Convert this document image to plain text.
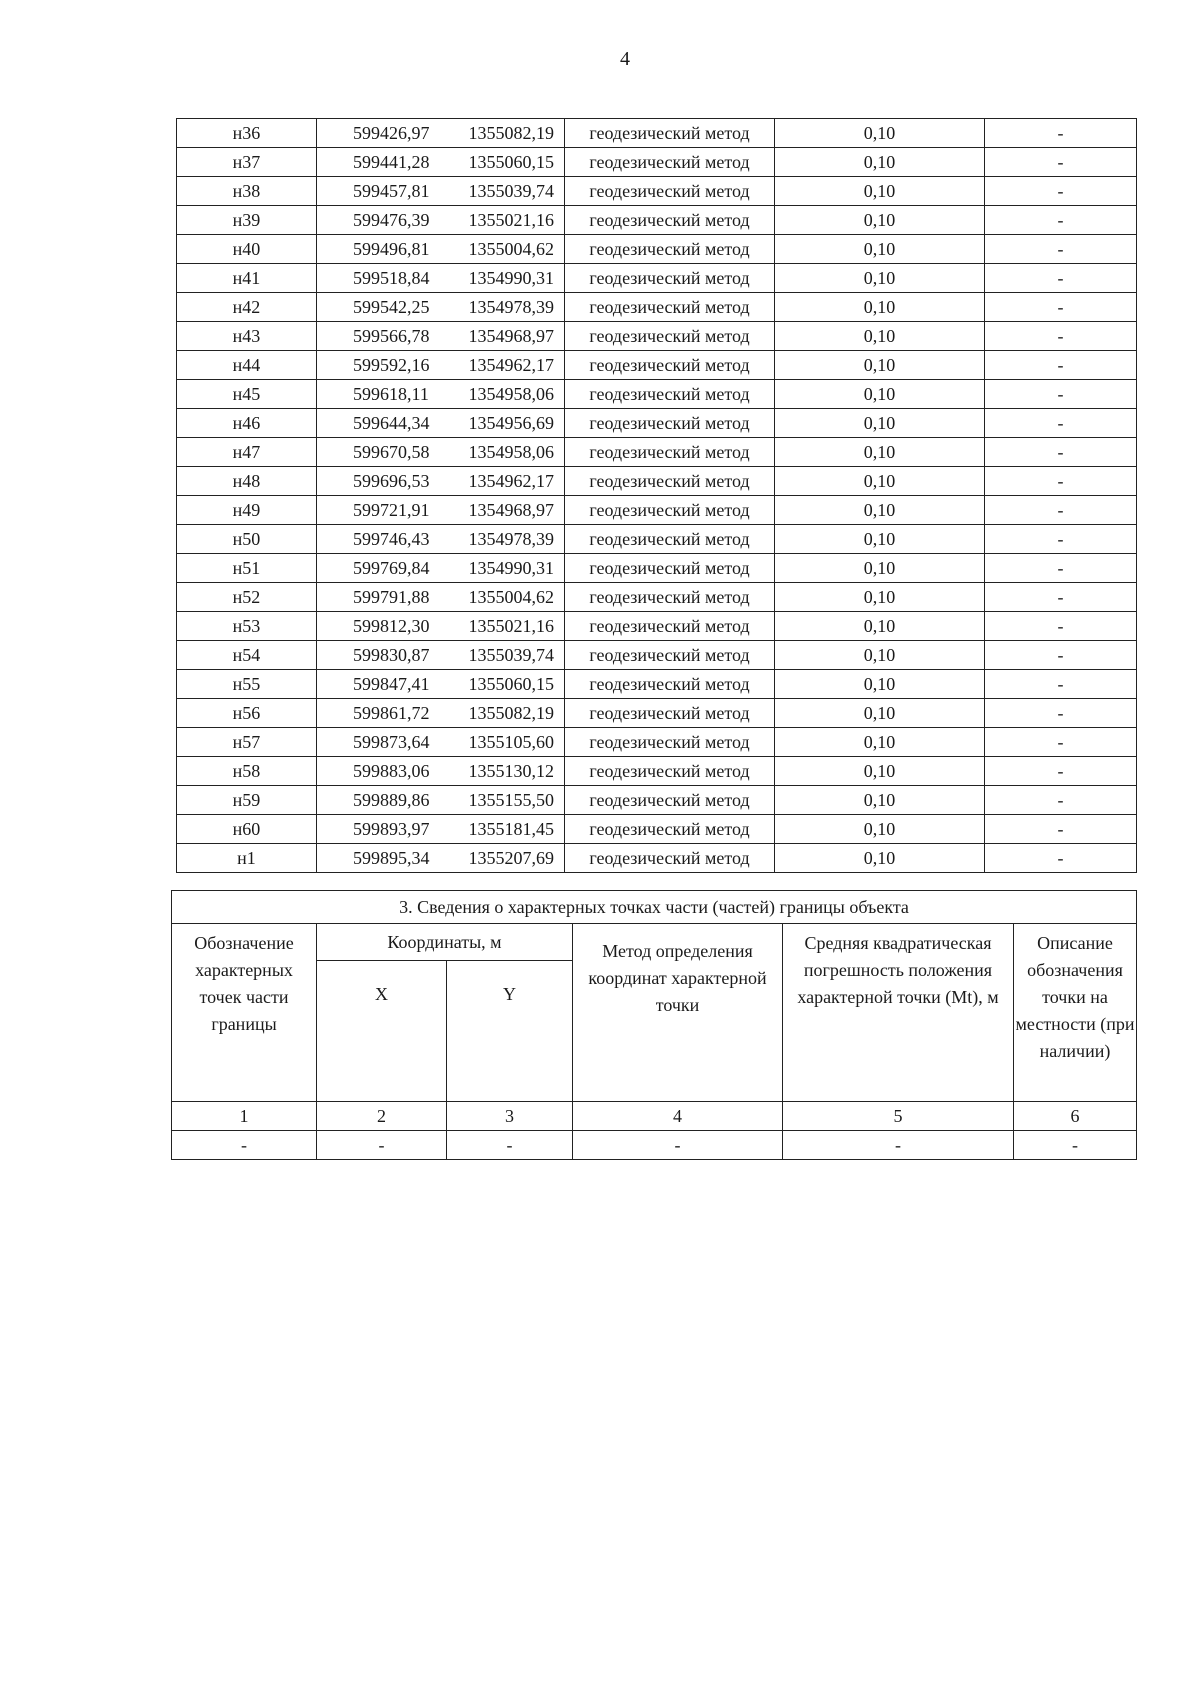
4
н36	599426,97	1355082,19	геодезический метод	0,10	-
н37	599441,28	1355060,15	геодезический метод	0,10	-
н38	599457,81	1355039,74	геодезический метод	0,10	-
н39	599476,39	1355021,16	геодезический метод	0,10	-
н40	599496,81	1355004,62	геодезический метод	0,10	-
н41	599518,84	1354990,31	геодезический метод	0,10	-
н42	599542,25	1354978,39	геодезический метод	0,10	-
н43	599566,78	1354968,97	геодезический метод	0,10	-
н44	599592,16	1354962,17	геодезический метод	0,10	-
н45	599618,11	1354958,06	геодезический метод	0,10	-
н46	599644,34	1354956,69	геодезический метод	0,10	-
н47	599670,58	1354958,06	геодезический метод	0,10	-
н48	599696,53	1354962,17	геодезический метод	0,10	-
н49	599721,91	1354968,97	геодезический метод	0,10	-
н50	599746,43	1354978,39	геодезический метод	0,10	-
н51	599769,84	1354990,31	геодезический метод	0,10	-
н52	599791,88	1355004,62	геодезический метод	0,10	-
н53	599812,30	1355021,16	геодезический метод	0,10	-
н54	599830,87	1355039,74	геодезический метод	0,10	-
н55	599847,41	1355060,15	геодезический метод	0,10	-
н56	599861,72	1355082,19	геодезический метод	0,10	-
н57	599873,64	1355105,60	геодезический метод	0,10	-
н58	599883,06	1355130,12	геодезический метод	0,10	-
н59	599889,86	1355155,50	геодезический метод	0,10	-
н60	599893,97	1355181,45	геодезический метод	0,10	-
н1	599895,34	1355207,69	геодезический метод	0,10	-
3. Сведения о характерных точках части (частей) границы объекта					
Обозначение характерных точек части границы	Координаты, м		Метод определения координат характерной точки	Средняя квадратическая погрешность положения характерной точки (Mt), м	Описание обозначения точки на местности (при наличии)
	X	Y			
1	2	3	4	5	6
-	-	-	-	-	-
